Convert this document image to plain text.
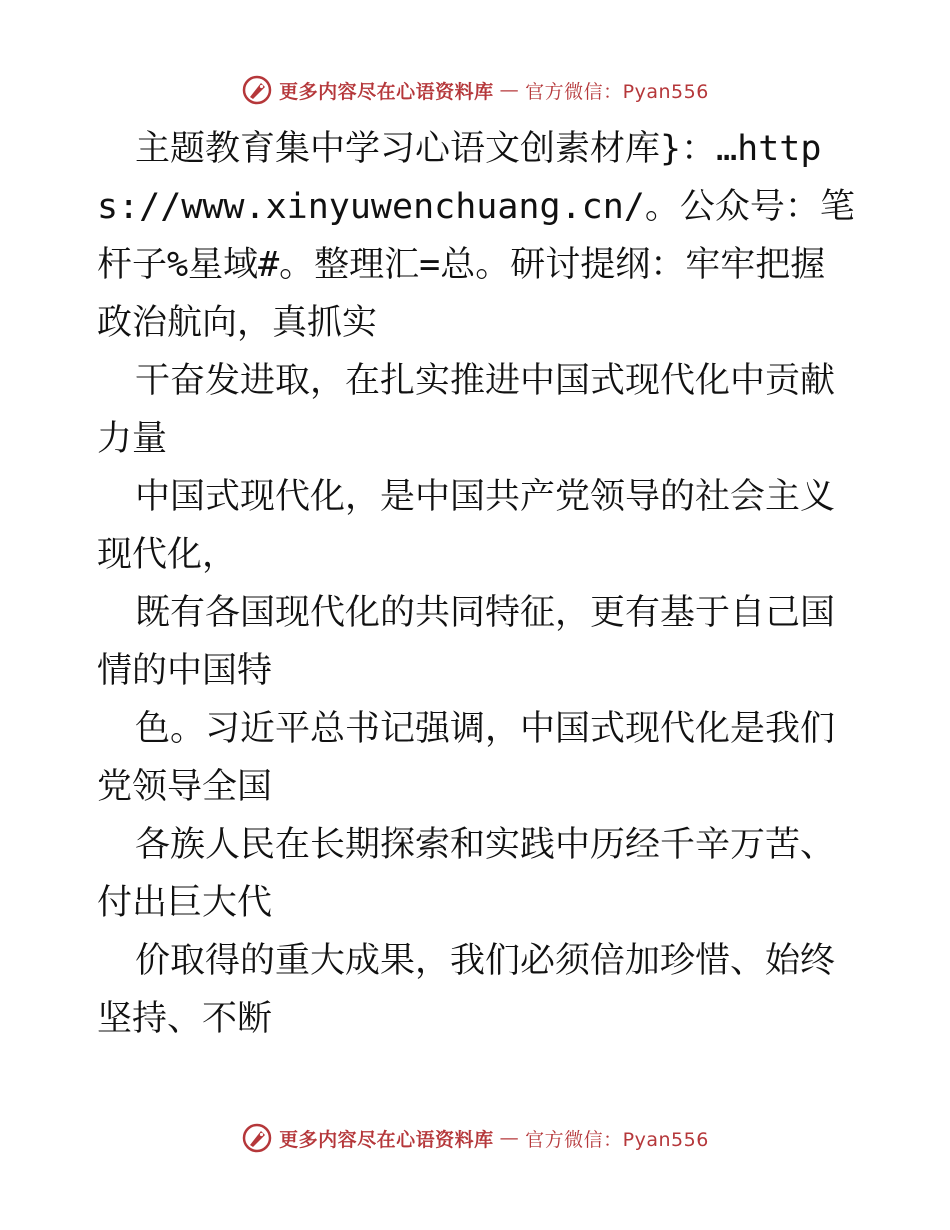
更多内容尽在心语资料库 — 官方微信：Pyan556

主题教育集中学习心语文创素材库}：…https://www.xinyuwenchuang.cn/。公众号：笔杆子%星域#。整理汇=总。研讨提纲：牢牢把握政治航向，真抓实

干奋发进取，在扎实推进中国式现代化中贡献力量

中国式现代化，是中国共产党领导的社会主义现代化，

既有各国现代化的共同特征，更有基于自己国情的中国特

色。习近平总书记强调，中国式现代化是我们党领导全国

各族人民在长期探索和实践中历经千辛万苦、付出巨大代

价取得的重大成果，我们必须倍加珍惜、始终坚持、不断

更多内容尽在心语资料库 — 官方微信：Pyan556
